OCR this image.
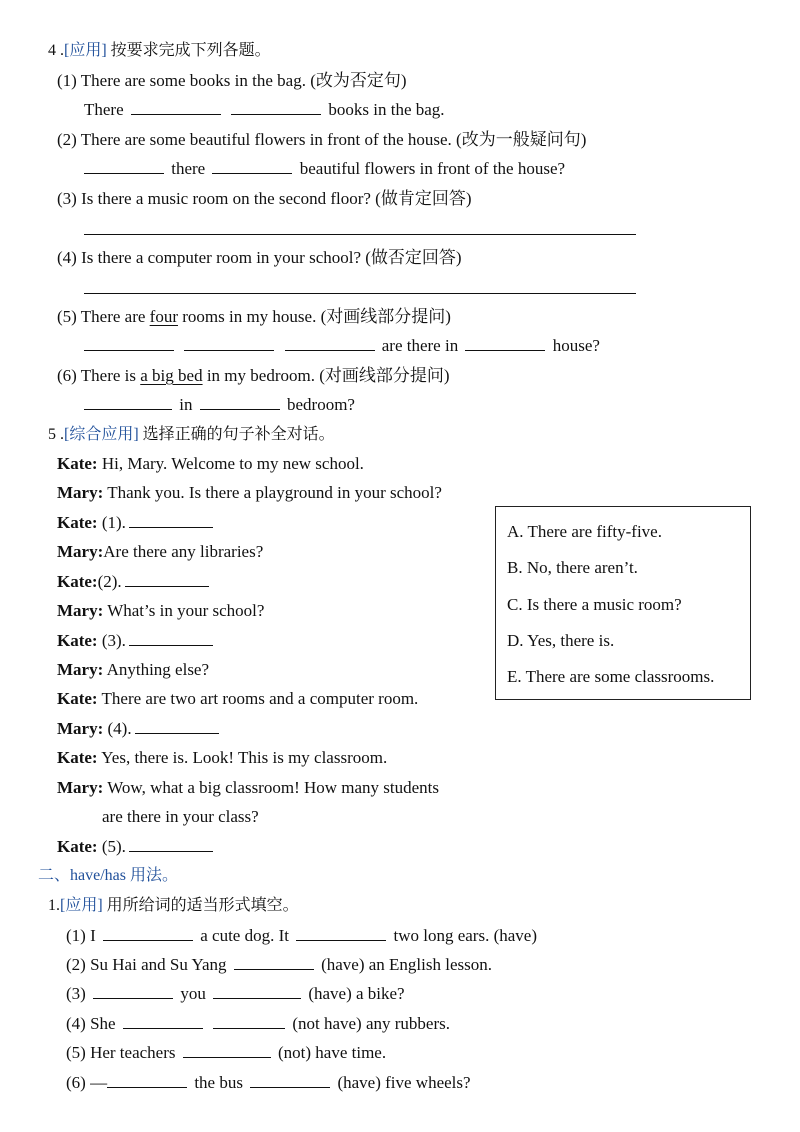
4 .[应用] 按要求完成下列各题。
(1) There are some books in the bag. (改为否定句)
There	books in the bag.
(2) There are some beautiful flowers in front of the house. (改为一般疑问句)
there	beautiful flowers in front of the house?
(3) Is there a music room on the second floor? (做肯定回答)
(4) Is there a computer room in your school? (做否定回答)
(5) There are four rooms in my house. (对画线部分提问)
are there in	house?
(6) There is a big bed in my bedroom. (对画线部分提问)
in	bedroom?
5 .[综合应用] 选择正确的句子补全对话。
Kate: Hi, Mary. Welcome to my new school.
Mary: Thank you. Is there a playground in your school?
Kate: (1).
Mary:Are there any libraries?
Kate:(2).
Mary: What’s in your school?
Kate: (3).
Mary: Anything else?
Kate: There are two art rooms and a computer room.
Mary: (4).
Kate: Yes, there is. Look! This is my classroom.
Mary: Wow, what a big classroom! How many students
are there in your class?
Kate: (5).
A. There are fifty-five.
B. No, there aren’t.
C. Is there a music room?
D. Yes, there is.
E. There are some classrooms.
二、have/has 用法。
1.[应用] 用所给词的适当形式填空。
(1) I	a cute dog. It	two long ears. (have)
(2) Su Hai and Su Yang	(have) an English lesson.
(3)	you	(have) a bike?
(4) She	(not have) any rubbers.
(5) Her teachers	(not) have time.
(6) —	the bus	(have) five wheels?
